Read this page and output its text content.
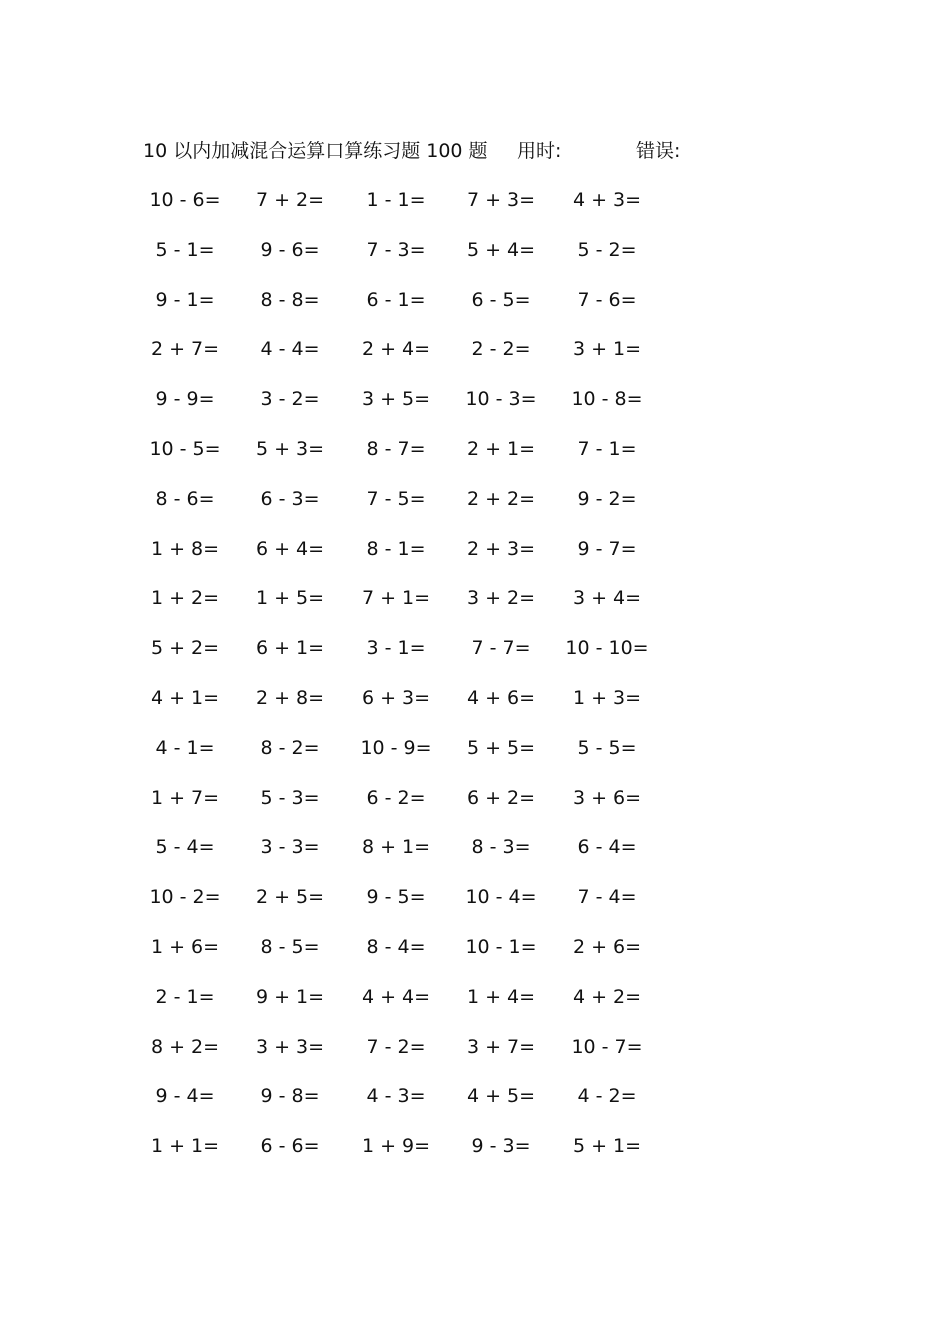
10 以内加减混合运算口算练习题 100 题 用时:	错误:
10 - 6=	7 + 2=	1 - 1=	7 + 3=	4 + 3=
5 - 1=	9 - 6=	7 - 3=	5 + 4=	5 - 2=
9 - 1=	8 - 8=	6 - 1=	6 - 5=	7 - 6=
2 + 7=	4 - 4=	2 + 4=	2 - 2=	3 + 1=
9 - 9=	3 - 2=	3 + 5=	10 - 3=	10 - 8=
10 - 5=	5 + 3=	8 - 7=	2 + 1=	7 - 1=
8 - 6=	6 - 3=	7 - 5=	2 + 2=	9 - 2=
1 + 8=	6 + 4=	8 - 1=	2 + 3=	9 - 7=
1 + 2=	1 + 5=	7 + 1=	3 + 2=	3 + 4=
5 + 2=	6 + 1=	3 - 1=	7 - 7=	10 - 10=
4 + 1=	2 + 8=	6 + 3=	4 + 6=	1 + 3=
4 - 1=	8 - 2=	10 - 9=	5 + 5=	5 - 5=
1 + 7=	5 - 3=	6 - 2=	6 + 2=	3 + 6=
5 - 4=	3 - 3=	8 + 1=	8 - 3=	6 - 4=
10 - 2=	2 + 5=	9 - 5=	10 - 4=	7 - 4=
1 + 6=	8 - 5=	8 - 4=	10 - 1=	2 + 6=
2 - 1=	9 + 1=	4 + 4=	1 + 4=	4 + 2=
8 + 2=	3 + 3=	7 - 2=	3 + 7=	10 - 7=
9 - 4=	9 - 8=	4 - 3=	4 + 5=	4 - 2=
1 + 1=	6 - 6=	1 + 9=	9 - 3=	5 + 1=
